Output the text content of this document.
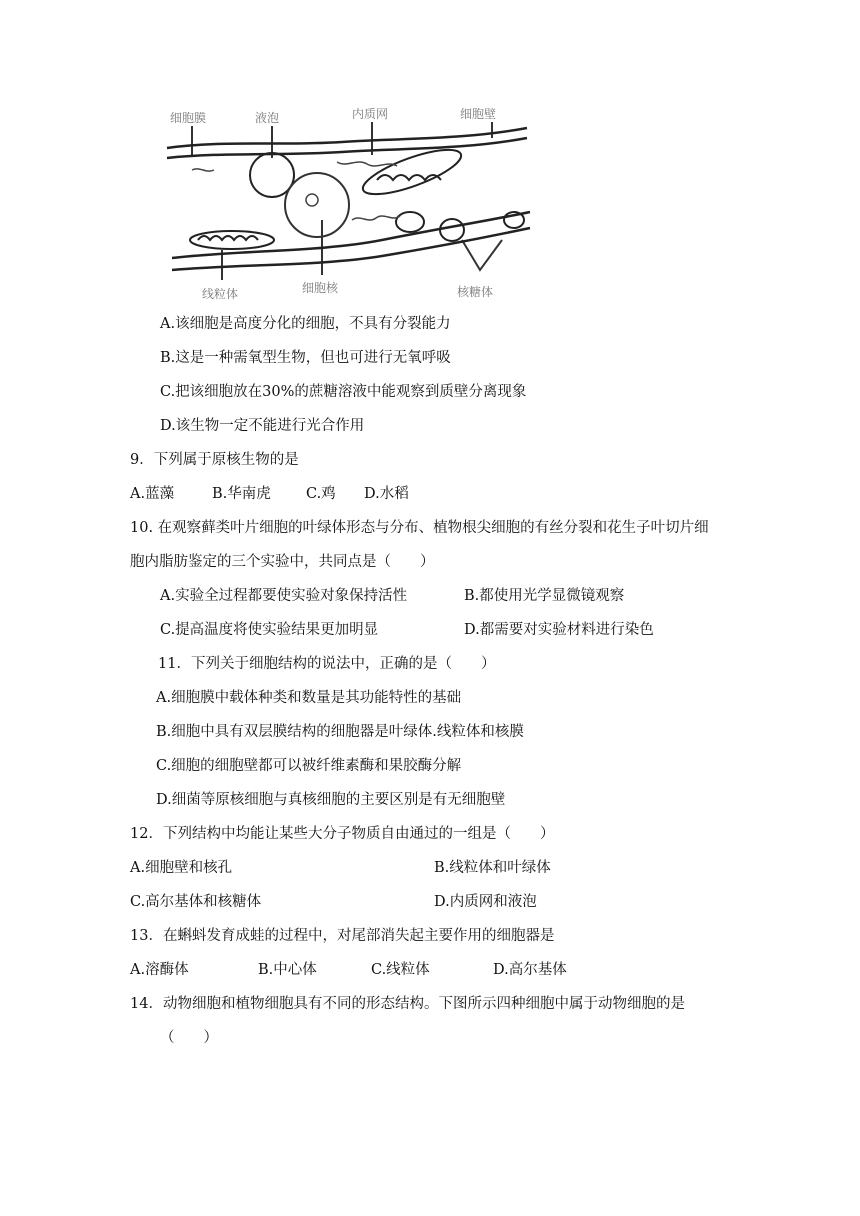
细胞膜	液泡	内质网	细胞壁
线粒体	细胞核	核糖体
A.该细胞是高度分化的细胞，不具有分裂能力
B.这是一种需氧型生物，但也可进行无氧呼吸
C.把该细胞放在30%的蔗糖溶液中能观察到质壁分离现象
D.该生物一定不能进行光合作用
9．下列属于原核生物的是
A.蓝藻	B.华南虎 C.鸡 D.水稻
10. 在观察藓类叶片细胞的叶绿体形态与分布、植物根尖细胞的有丝分裂和花生子叶切片细
胞内脂肪鉴定的三个实验中，共同点是（　　）
A.实验全过程都要使实验对象保持活性	B.都使用光学显微镜观察
C.提高温度将使实验结果更加明显	D.都需要对实验材料进行染色
11．下列关于细胞结构的说法中，正确的是（　　）
A.细胞膜中载体种类和数量是其功能特性的基础
B.细胞中具有双层膜结构的细胞器是叶绿体.线粒体和核膜
C.细胞的细胞壁都可以被纤维素酶和果胶酶分解
D.细菌等原核细胞与真核细胞的主要区别是有无细胞壁
12．下列结构中均能让某些大分子物质自由通过的一组是（　　）
A.细胞壁和核孔	B.线粒体和叶绿体
C.高尔基体和核糖体	D.内质网和液泡
13．在蝌蚪发育成蛙的过程中，对尾部消失起主要作用的细胞器是
A.溶酶体	B.中心体	C.线粒体	D.高尔基体
14．动物细胞和植物细胞具有不同的形态结构。下图所示四种细胞中属于动物细胞的是
（　　）
